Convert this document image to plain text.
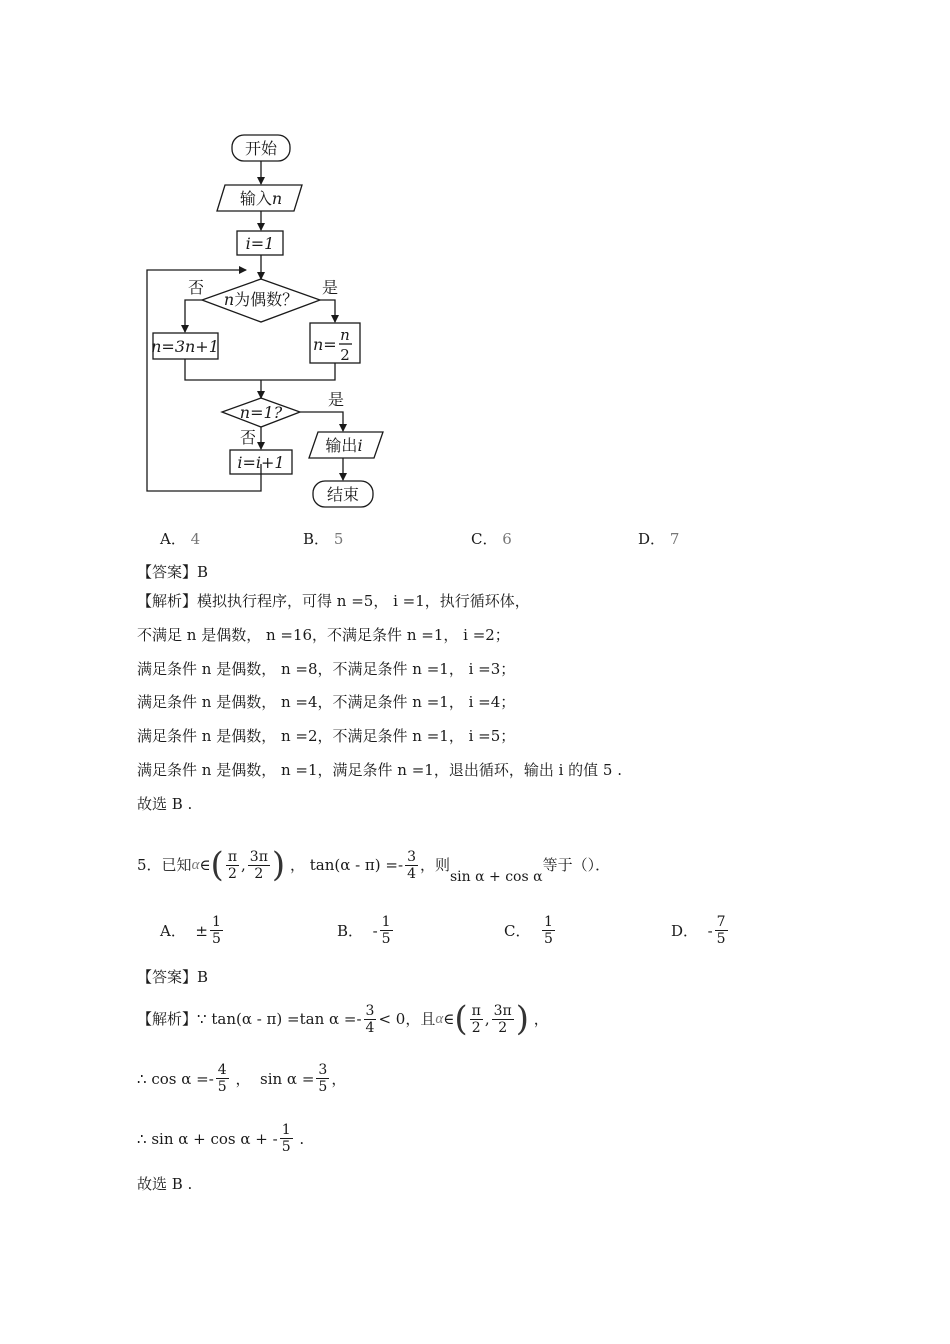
开始
输入n
i=1
n为偶数？
否	是
n=3n+1	n= n
2
n=1?
是
否
i=i+1
输出i
结束
A． 4	B． 5	C． 6	D． 7
【答案】B
【解析】模拟执行程序，可得 n =5， i =1，执行循环体，
不满足 n 是偶数， n =16，不满足条件 n =1， i =2；
满足条件 n 是偶数， n =8，不满足条件 n =1， i =3；
满足条件 n 是偶数， n =4，不满足条件 n =1， i =4；
满足条件 n 是偶数， n =2，不满足条件 n =1， i =5；
满足条件 n 是偶数， n =1，满足条件 n =1，退出循环，输出 i 的值 5 .
故选 B .
5． 已知 α ∈ ( $\frac{\pi}{2}$ , $\frac{3\pi}{2}$ ) ， $\tan(\alpha - \pi) =- \frac{3}{4}$ ，则
sin α + cos α
等于（）．
A．
± $\frac{1}{5}$	B．
- $\frac{1}{5}$	C．
$\frac{1}{5}$	D．
- $\frac{7}{5}$
【答案】B
【解析】 ∵
tan(α - π) =tan $\alpha =- \frac{3}{4} < 0$ ，且 α ∈ ( $\frac{\pi}{2}$ , $\frac{3\pi}{2}$ ) ，
∴
$\cos \alpha =- \frac{4}{5}$ ， $\sin \alpha = \frac{3}{5}$ ，
∴
sin α + cos α + - $\frac{1}{5}$ .
故选 B .
